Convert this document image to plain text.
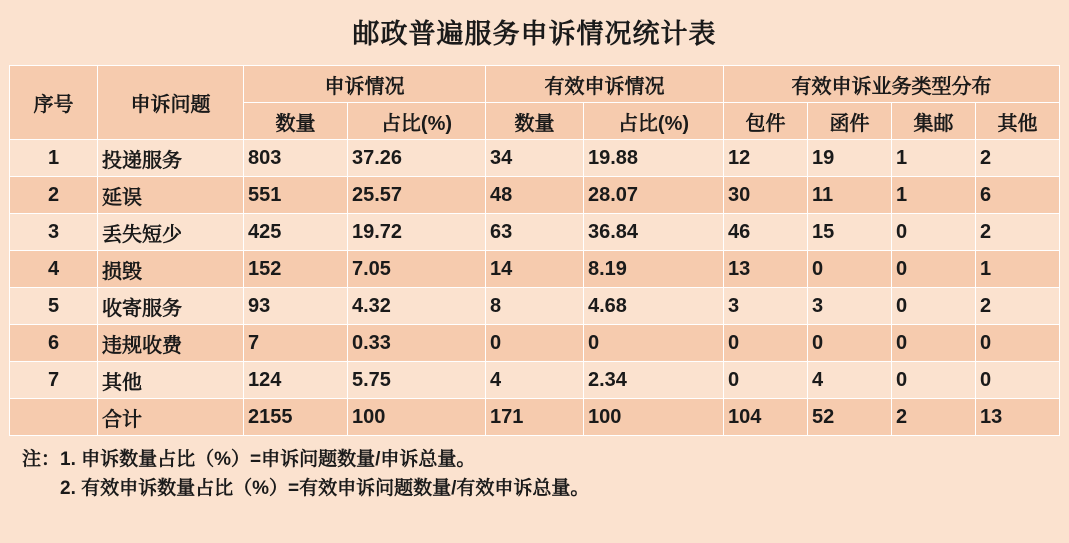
邮政普遍服务申诉情况统计表
序号	申诉问题	申诉情况		有效申诉情况		有效申诉业务类型分布			
		数量	占比(%)	数量	占比(%)	包件	函件	集邮	其他
1	投递服务	803	37.26	34	19.88	12	19	1	2
2	延误	551	25.57	48	28.07	30	11	1	6
3	丢失短少	425	19.72	63	36.84	46	15	0	2
4	损毁	152	7.05	14	8.19	13	0	0	1
5	收寄服务	93	4.32	8	4.68	3	3	0	2
6	违规收费	7	0.33	0	0	0	0	0	0
7	其他	124	5.75	4	2.34	0	4	0	0
	合计	2155	100	171	100	104	52	2	13
注：1. 申诉数量占比（%）=申诉问题数量/申诉总量。
2. 有效申诉数量占比（%）=有效申诉问题数量/有效申诉总量。
